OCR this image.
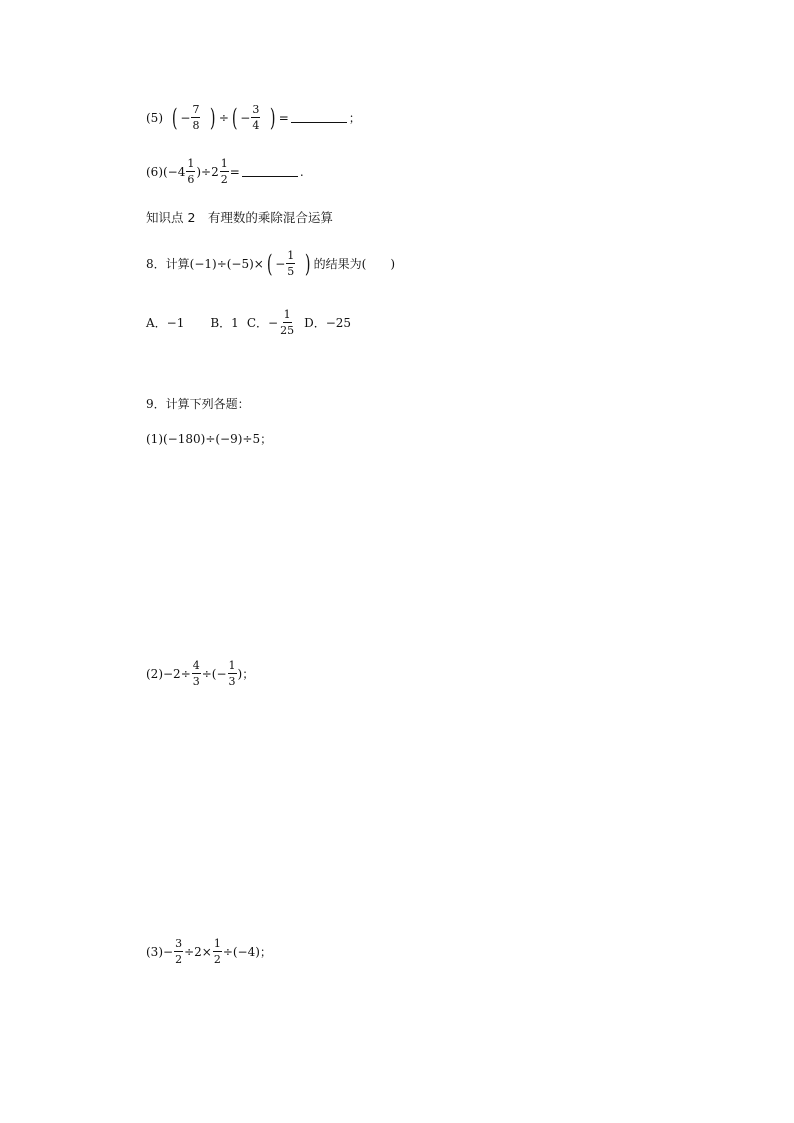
(5) ( − $\frac{7}{8}$ ) ÷ ( − $\frac{3}{4}$ ) =	；
(6) $(-4 \frac{1}{6} )\div 2 \frac{1}{2}$ =	.
知识点 2　有理数的乘除混合运算
8．计算(−1)÷(−5)× ( − $\frac{1}{5}$ ) 的结果为(　　)
A．−1 B．1 C．− $\frac{1}{25}$ D．−25
9．计算下列各题：
(1)(−180)÷(−9)÷5；
$(2)-2\div \frac{4}{3}$ ÷(− $\frac{1}{3}$ )；
$(3)- \frac{3}{2} \div 2\times \frac{1}{2} \div(-4)$；
